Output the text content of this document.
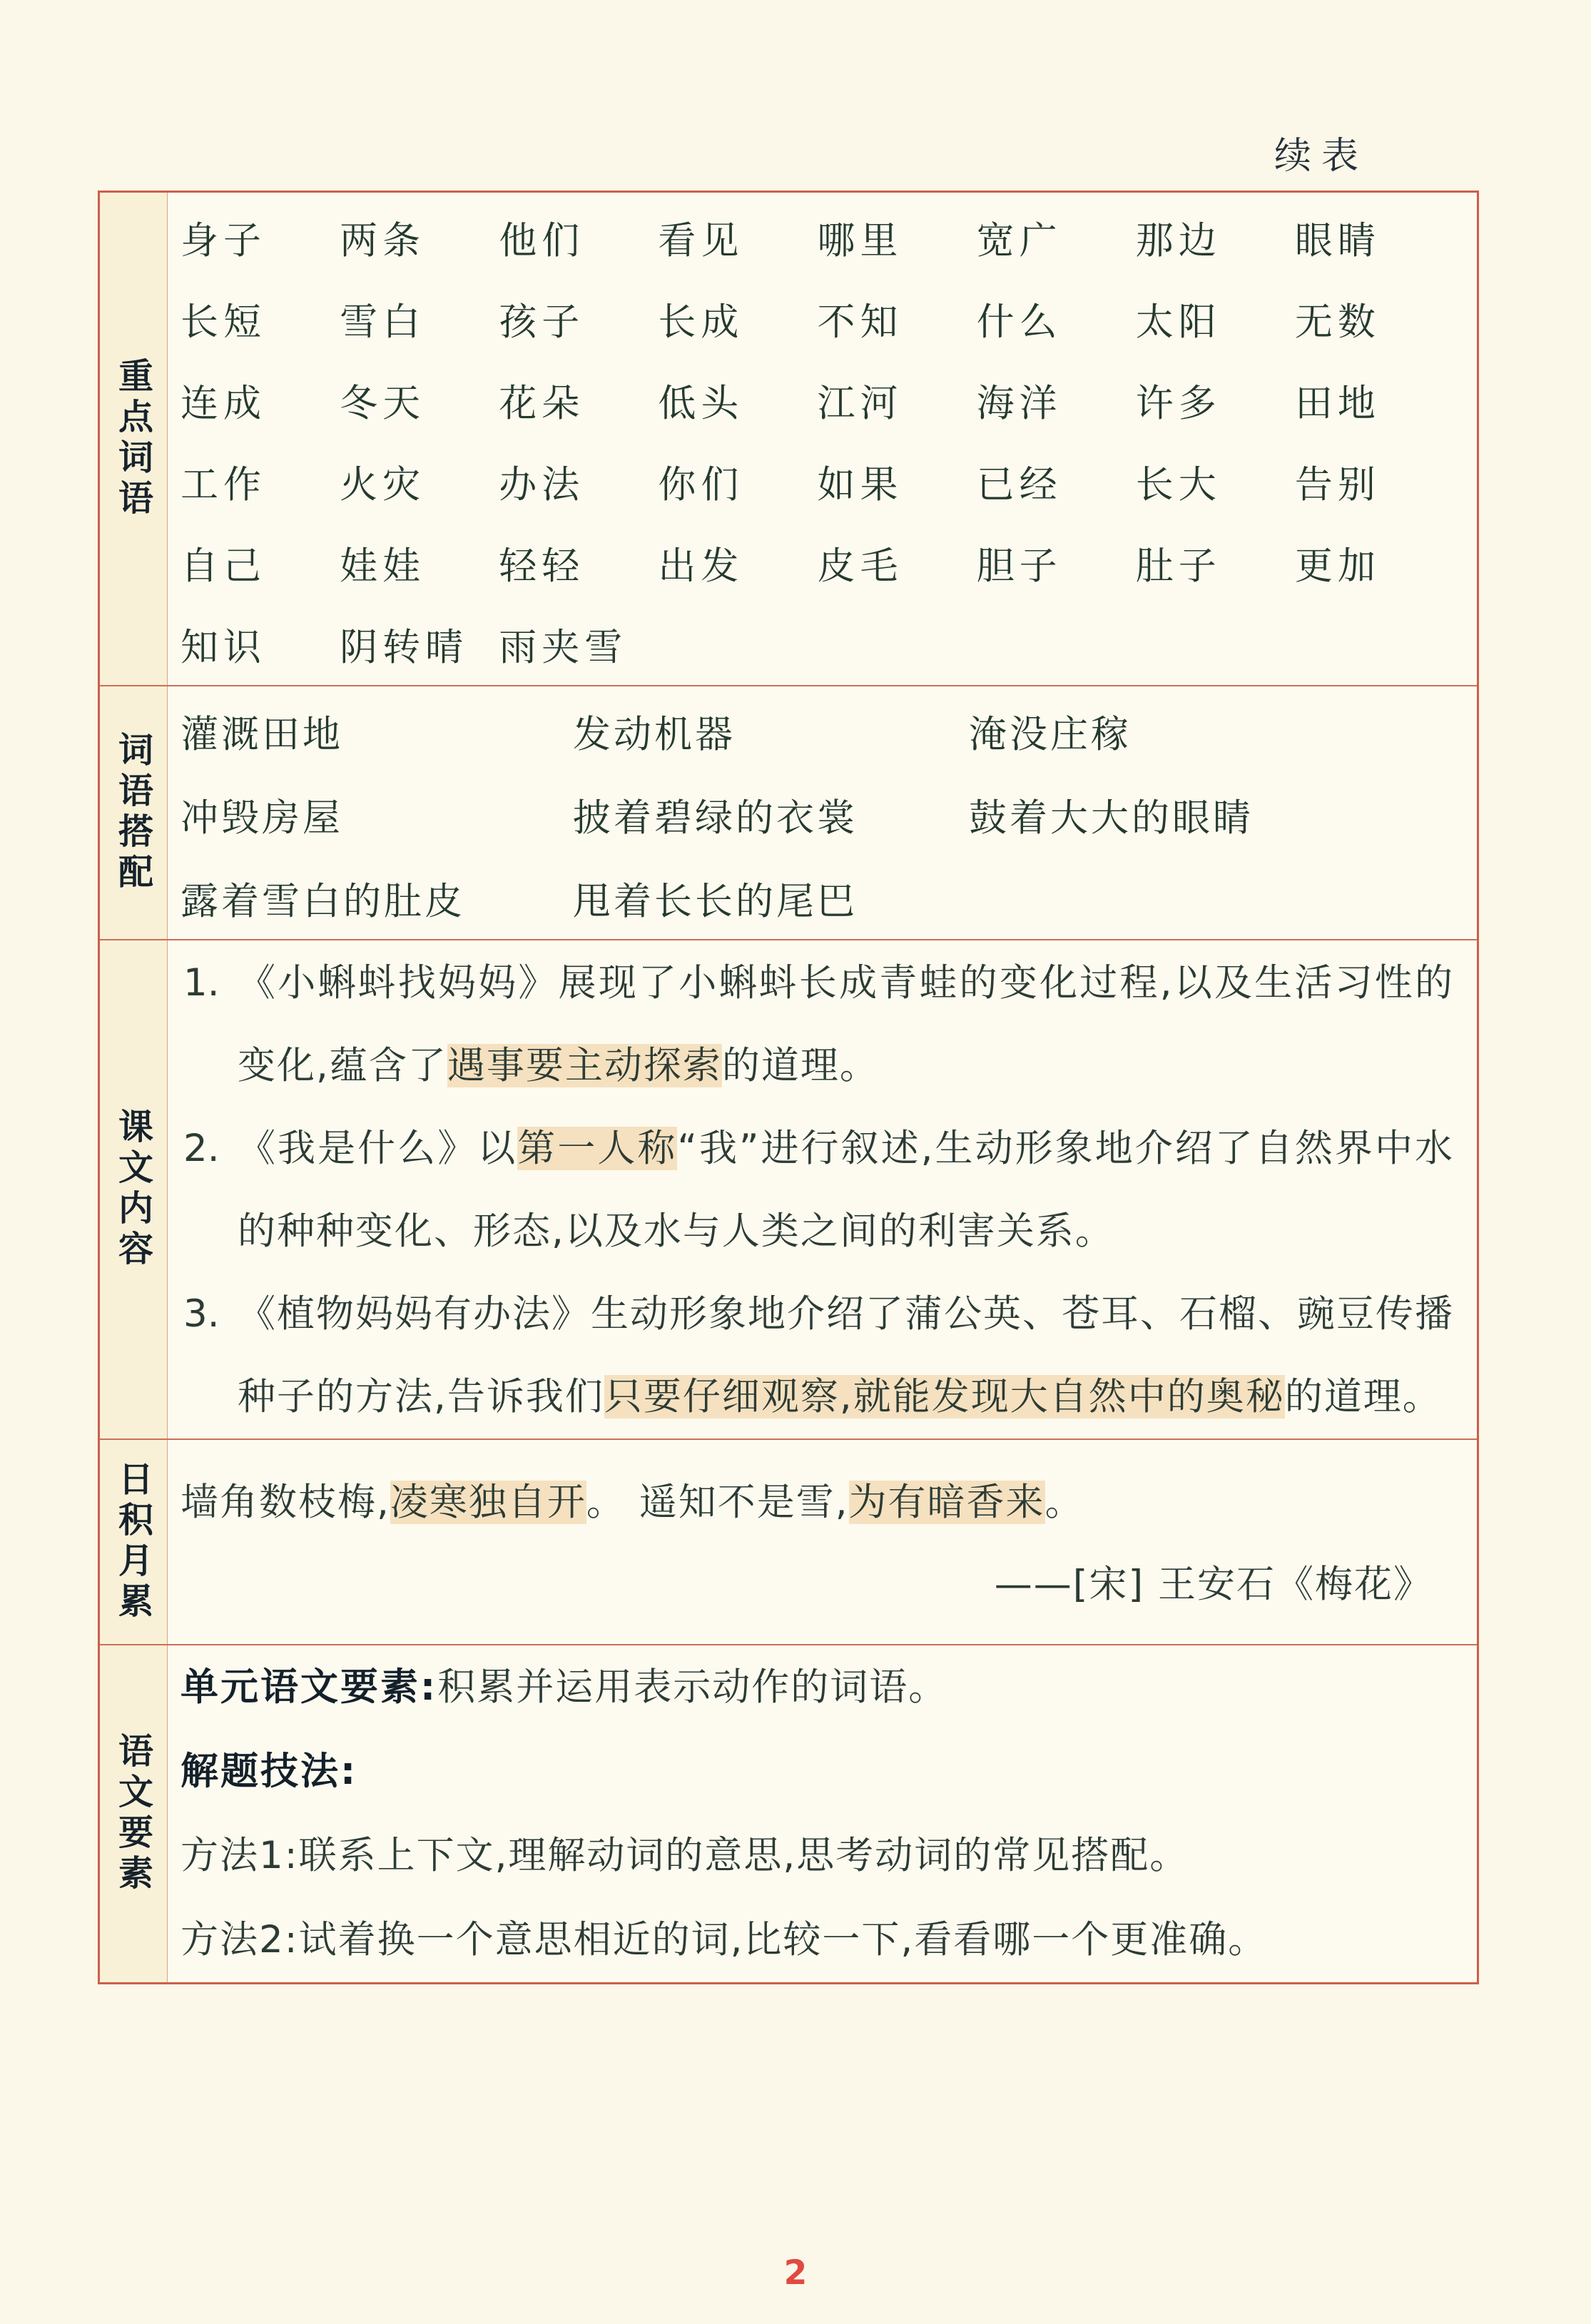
续表
重点词语
身子	两条	他们	看见	哪里	宽广	那边	眼睛
长短	雪白	孩子	长成	不知	什么	太阳	无数
连成	冬天	花朵	低头	江河	海洋	许多	田地
工作	火灾	办法	你们	如果	已经	长大	告别
自己	娃娃	轻轻	出发	皮毛	胆子	肚子	更加
知识	阴转晴 雨夹雪
词语搭配 灌溉田地	发动机器	淹没庄稼
冲毁房屋	披着碧绿的衣裳	鼓着大大的眼睛
露着雪白的肚皮	甩着长长的尾巴
课文内容
1. 《小蝌蚪找妈妈》展现了小蝌蚪长成青蛙的变化过程,以及生活习性的变化,蕴含了遇事要主动探索的道理。
2. 《我是什么》以第一人称“我”进行叙述,生动形象地介绍了自然界中水的种种变化、形态,以及水与人类之间的利害关系。
3. 《植物妈妈有办法》生动形象地介绍了蒲公英、苍耳、石榴、豌豆传播种子的方法,告诉我们只要仔细观察,就能发现大自然中的奥秘的道理。
日积月累 墙角数枝梅,凌寒独自开。 遥知不是雪,为有暗香来。
——[宋] 王安石《梅花》
语文要素
单元语文要素:积累并运用表示动作的词语。
解题技法:
方法1:联系上下文,理解动词的意思,思考动词的常见搭配。
方法2:试着换一个意思相近的词,比较一下,看看哪一个更准确。
2
